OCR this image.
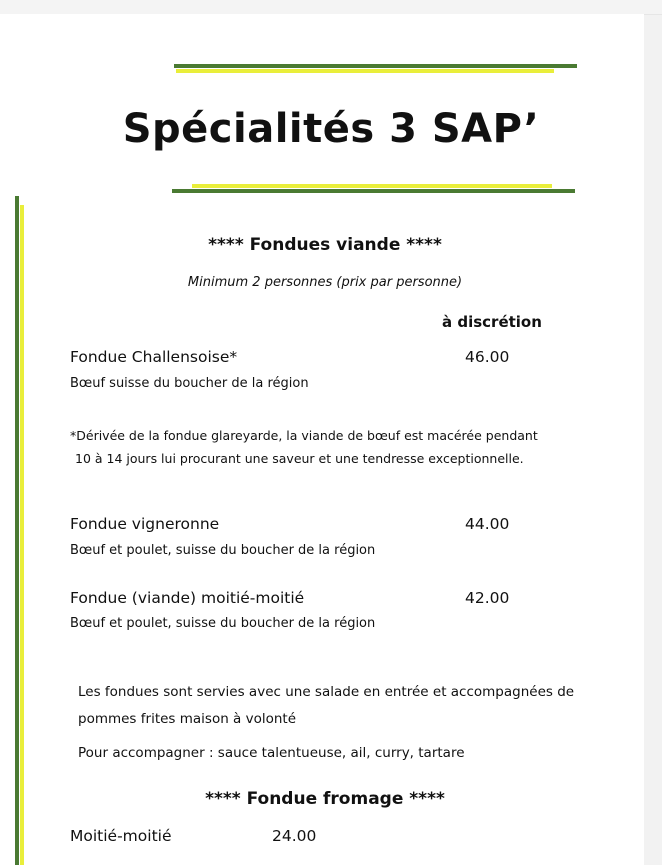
Spécialités 3 SAP’
**** Fondues viande ****
Minimum 2 personnes (prix par personne)
à discrétion
Fondue Challensoise*	46.00
Bœuf suisse du boucher de la région
*Dérivée de la fondue glareyarde, la viande de bœuf est macérée pendant
10 à 14 jours lui procurant une saveur et une tendresse exceptionnelle.
Fondue vigneronne	44.00
Bœuf et poulet, suisse du boucher de la région
Fondue (viande) moitié-moitié	42.00
Bœuf et poulet, suisse du boucher de la région
Les fondues sont servies avec une salade en entrée et accompagnées de
pommes frites maison à volonté
Pour accompagner : sauce talentueuse, ail, curry, tartare
**** Fondue fromage ****
Moitié-moitié	24.00
